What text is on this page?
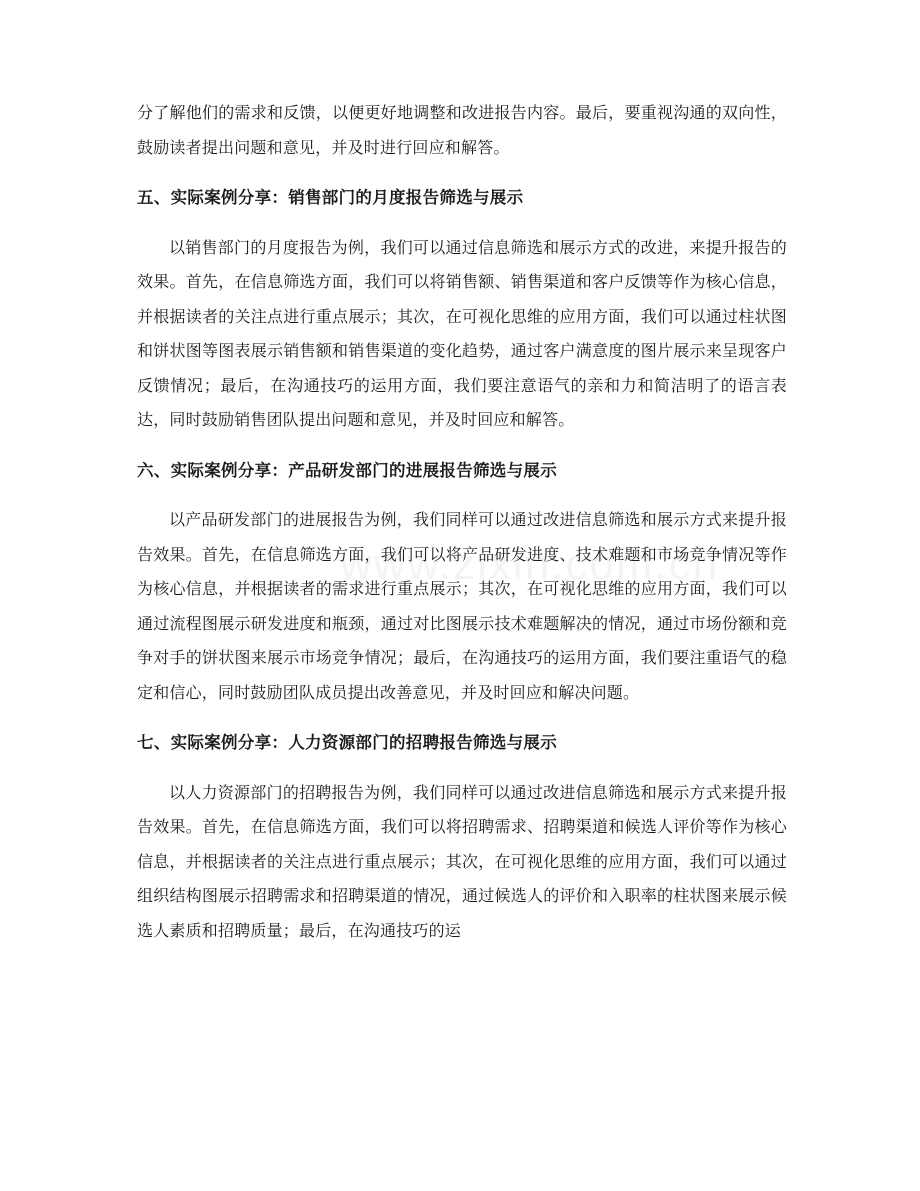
分了解他们的需求和反馈，以便更好地调整和改进报告内容。最后，要重视沟通的双向性，鼓励读者提出问题和意见，并及时进行回应和解答。

五、实际案例分享：销售部门的月度报告筛选与展示

以销售部门的月度报告为例，我们可以通过信息筛选和展示方式的改进，来提升报告的效果。首先，在信息筛选方面，我们可以将销售额、销售渠道和客户反馈等作为核心信息，并根据读者的关注点进行重点展示；其次，在可视化思维的应用方面，我们可以通过柱状图和饼状图等图表展示销售额和销售渠道的变化趋势，通过客户满意度的图片展示来呈现客户反馈情况；最后，在沟通技巧的运用方面，我们要注意语气的亲和力和简洁明了的语言表达，同时鼓励销售团队提出问题和意见，并及时回应和解答。

六、实际案例分享：产品研发部门的进展报告筛选与展示

以产品研发部门的进展报告为例，我们同样可以通过改进信息筛选和展示方式来提升报告效果。首先，在信息筛选方面，我们可以将产品研发进度、技术难题和市场竞争情况等作为核心信息，并根据读者的需求进行重点展示；其次，在可视化思维的应用方面，我们可以通过流程图展示研发进度和瓶颈，通过对比图展示技术难题解决的情况，通过市场份额和竞争对手的饼状图来展示市场竞争情况；最后，在沟通技巧的运用方面，我们要注重语气的稳定和信心，同时鼓励团队成员提出改善意见，并及时回应和解决问题。

七、实际案例分享：人力资源部门的招聘报告筛选与展示

以人力资源部门的招聘报告为例，我们同样可以通过改进信息筛选和展示方式来提升报告效果。首先，在信息筛选方面，我们可以将招聘需求、招聘渠道和候选人评价等作为核心信息，并根据读者的关注点进行重点展示；其次，在可视化思维的应用方面，我们可以通过组织结构图展示招聘需求和招聘渠道的情况，通过候选人的评价和入职率的柱状图来展示候选人素质和招聘质量；最后，在沟通技巧的运
